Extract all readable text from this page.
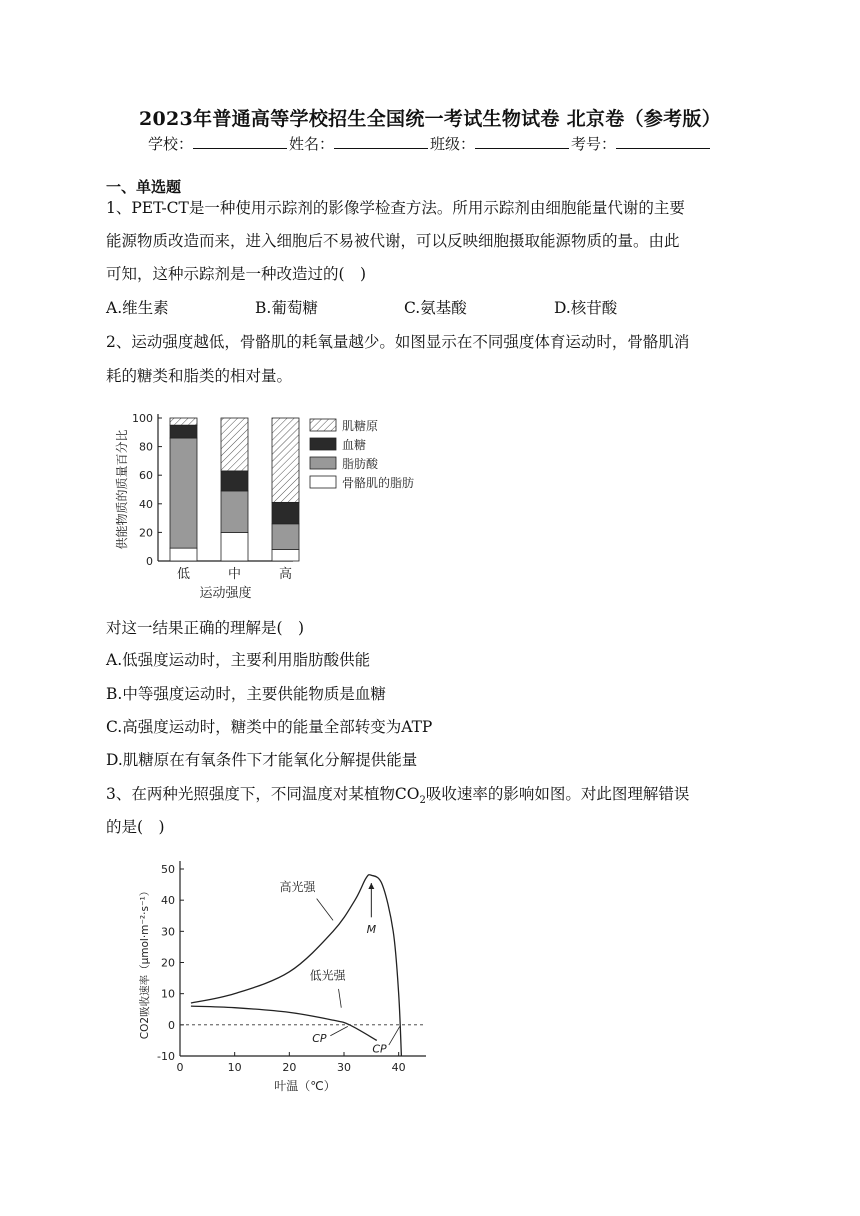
2023年普通高等学校招生全国统一考试生物试卷 北京卷（参考版）
学校：	姓名：	班级：	考号：
一、单选题
1、PET-CT是一种使用示踪剂的影像学检查方法。所用示踪剂由细胞能量代谢的主要
能源物质改造而来，进入细胞后不易被代谢，可以反映细胞摄取能源物质的量。由此
可知，这种示踪剂是一种改造过的(　)
A.维生素	B.葡萄糖	C.氨基酸	D.核苷酸
2、运动强度越低，骨骼肌的耗氧量越少。如图显示在不同强度体育运动时，骨骼肌消
耗的糖类和脂类的相对量。
0
20
40
60
80
100
供能物质的质量百分比
低	中	高
运动强度
肌糖原
血糖
脂肪酸
骨骼肌的脂肪
对这一结果正确的理解是(　)
A.低强度运动时，主要利用脂肪酸供能
B.中等强度运动时，主要供能物质是血糖
C.高强度运动时，糖类中的能量全部转变为ATP
D.肌糖原在有氧条件下才能氧化分解提供能量
3、在两种光照强度下，不同温度对某植物$CO_2$吸收速率的影响如图。对此图理解错误
的是(　)
-10
0
10
20
30
40
50
0	10	20	30	40
叶温（℃）
CO2吸收速率（μmol·m⁻²·s⁻¹）	高光强
低光强
M
CP
CP
